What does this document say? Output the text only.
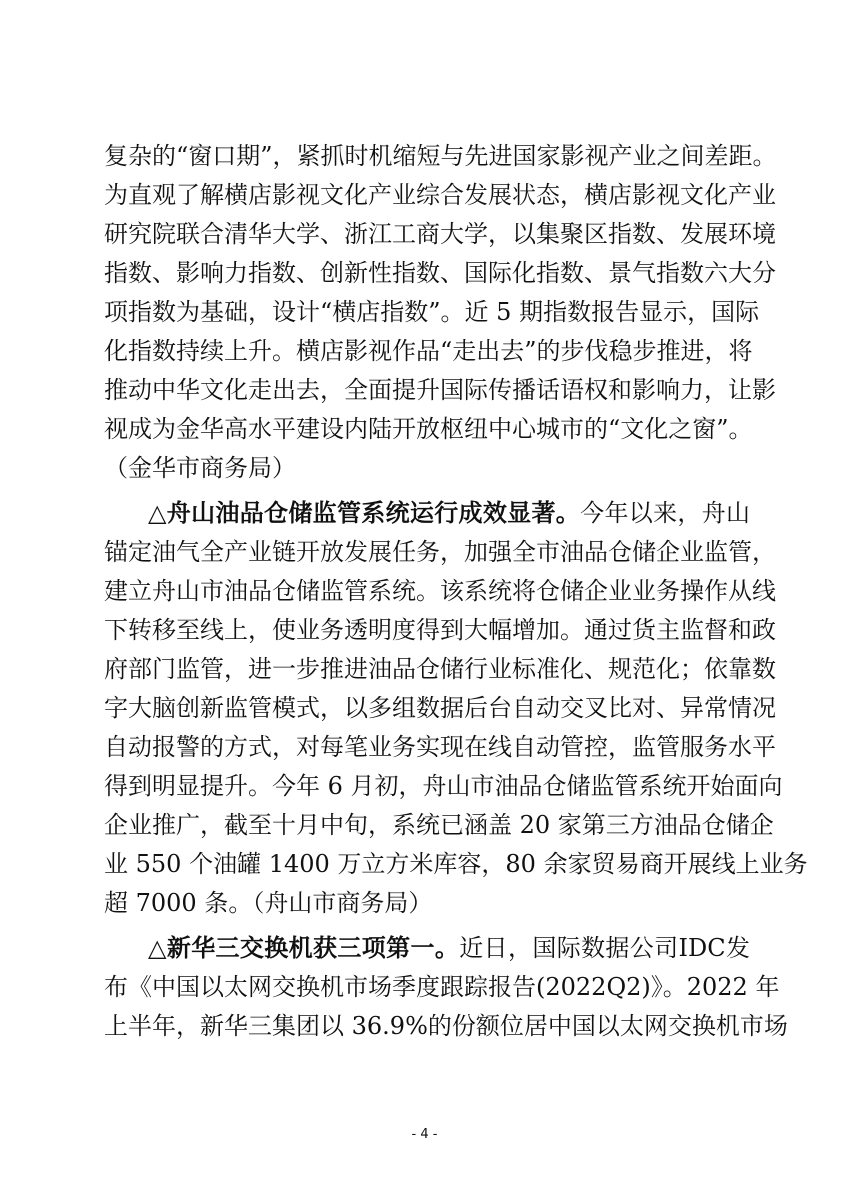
复杂的“窗口期”，紧抓时机缩短与先进国家影视产业之间差距。
为直观了解横店影视文化产业综合发展状态，横店影视文化产业
研究院联合清华大学、浙江工商大学，以集聚区指数、发展环境
指数、影响力指数、创新性指数、国际化指数、景气指数六大分
项指数为基础，设计“横店指数”。近 5 期指数报告显示，国际
化指数持续上升。横店影视作品“走出去”的步伐稳步推进，将
推动中华文化走出去，全面提升国际传播话语权和影响力，让影
视成为金华高水平建设内陆开放枢纽中心城市的“文化之窗”。
（金华市商务局）
△舟山油品仓储监管系统运行成效显著。今年以来，舟山
锚定油气全产业链开放发展任务，加强全市油品仓储企业监管，
建立舟山市油品仓储监管系统。该系统将仓储企业业务操作从线
下转移至线上，使业务透明度得到大幅增加。通过货主监督和政
府部门监管，进一步推进油品仓储行业标准化、规范化；依靠数
字大脑创新监管模式，以多组数据后台自动交叉比对、异常情况
自动报警的方式，对每笔业务实现在线自动管控，监管服务水平
得到明显提升。今年 6 月初，舟山市油品仓储监管系统开始面向
企业推广，截至十月中旬，系统已涵盖 20 家第三方油品仓储企
业 550 个油罐 1400 万立方米库容，80 余家贸易商开展线上业务
超 7000 条。（舟山市商务局）
△新华三交换机获三项第一。近日，国际数据公司IDC发
布《中国以太网交换机市场季度跟踪报告(2022Q2)》。2022 年
上半年，新华三集团以 36.9%的份额位居中国以太网交换机市场
- 4 -
